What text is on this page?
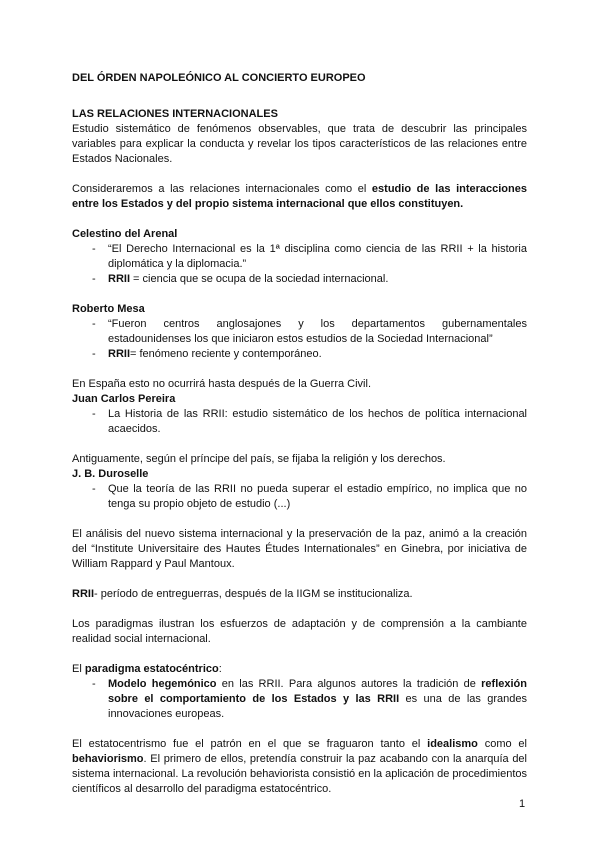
DEL ÓRDEN NAPOLEÓNICO AL CONCIERTO EUROPEO
LAS RELACIONES INTERNACIONALES
Estudio sistemático de fenómenos observables, que trata de descubrir las principales variables para explicar la conducta y revelar los tipos característicos de las relaciones entre Estados Nacionales.
Consideraremos a las relaciones internacionales como el estudio de las interacciones entre los Estados y del propio sistema internacional que ellos constituyen.
Celestino del Arenal
- “El Derecho Internacional es la 1ª disciplina como ciencia de las RRII + la historia diplomática y la diplomacia.”
- RRII = ciencia que se ocupa de la sociedad internacional.
Roberto Mesa
- “Fueron centros anglosajones y los departamentos gubernamentales estadounidenses los que iniciaron estos estudios de la Sociedad Internacional”
- RRII= fenómeno reciente y contemporáneo.
En España esto no ocurrirá hasta después de la Guerra Civil.
Juan Carlos Pereira
- La Historia de las RRII: estudio sistemático de los hechos de política internacional acaecidos.
Antiguamente, según el príncipe del país, se fijaba la religión y los derechos.
J. B. Duroselle
- Que la teoría de las RRII no pueda superar el estadio empírico, no implica que no tenga su propio objeto de estudio (...)
El análisis del nuevo sistema internacional y la preservación de la paz, animó a la creación del “Institute Universitaire des Hautes Études Internationales” en Ginebra, por iniciativa de William Rappard y Paul Mantoux.
RRII- período de entreguerras, después de la IIGM se institucionaliza.
Los paradigmas ilustran los esfuerzos de adaptación y de comprensión a la cambiante realidad social internacional.
El paradigma estatocéntrico:
- Modelo hegemónico en las RRII. Para algunos autores la tradición de reflexión sobre el comportamiento de los Estados y las RRII es una de las grandes innovaciones europeas.
El estatocentrismo fue el patrón en el que se fraguaron tanto el idealismo como el behaviorismo. El primero de ellos, pretendía construir la paz acabando con la anarquía del sistema internacional. La revolución behaviorista consistió en la aplicación de procedimientos científicos al desarrollo del paradigma estatocéntrico.
1
